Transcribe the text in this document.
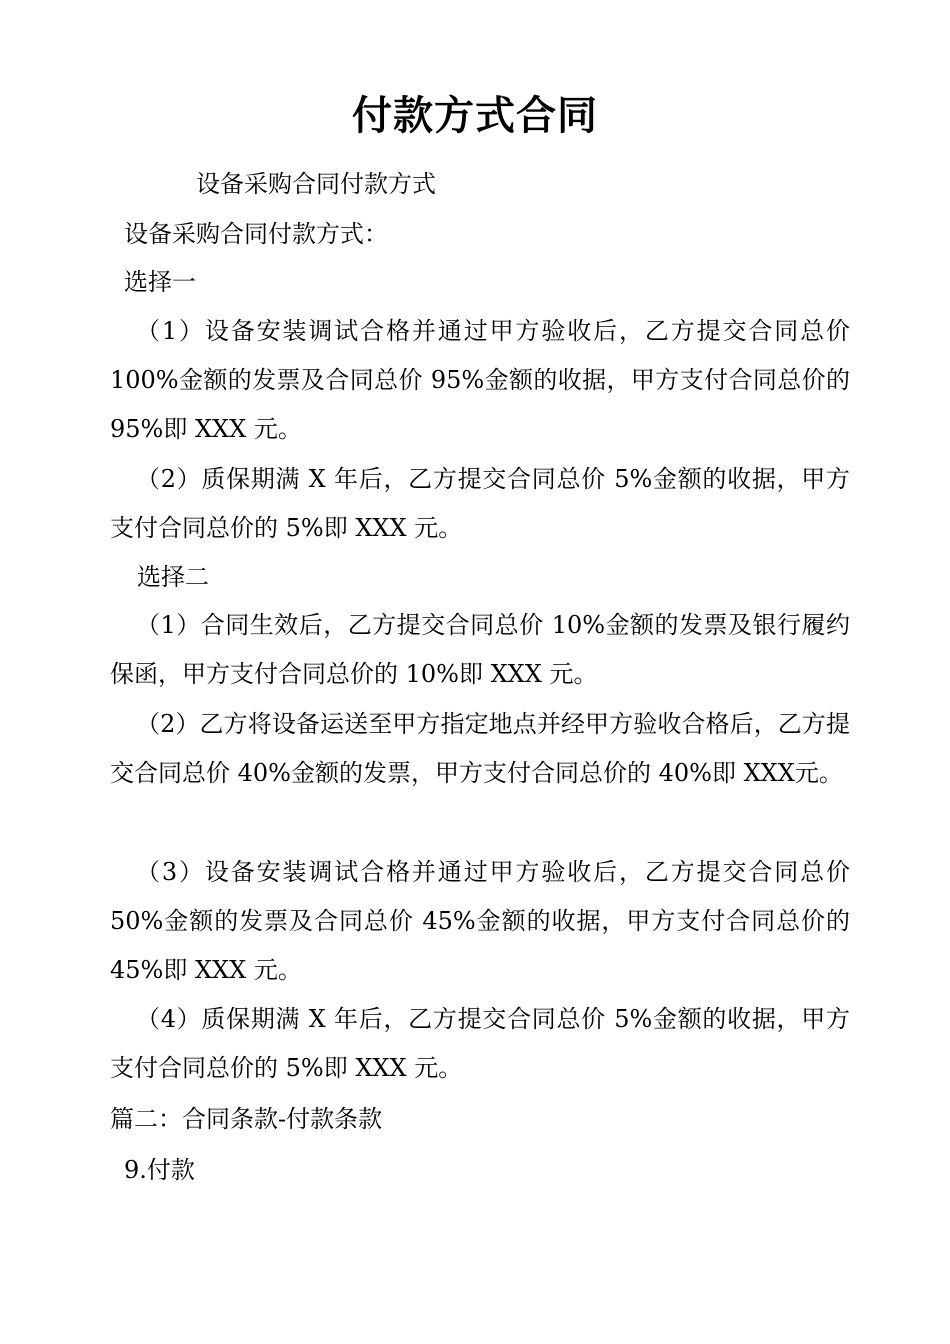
付款方式合同
设备采购合同付款方式
设备采购合同付款方式：
选择一
（1）设备安装调试合格并通过甲方验收后，乙方提交合同总价100%金额的发票及合同总价 95%金额的收据，甲方支付合同总价的95%即 XXX 元。
（2）质保期满 X 年后，乙方提交合同总价 5%金额的收据，甲方支付合同总价的 5%即 XXX 元。
选择二
（1）合同生效后，乙方提交合同总价 10%金额的发票及银行履约保函，甲方支付合同总价的 10%即 XXX 元。
（2）乙方将设备运送至甲方指定地点并经甲方验收合格后，乙方提交合同总价 40%金额的发票，甲方支付合同总价的 40%即 XXX元。
（3）设备安装调试合格并通过甲方验收后，乙方提交合同总价50%金额的发票及合同总价 45%金额的收据，甲方支付合同总价的45%即 XXX 元。
（4）质保期满 X 年后，乙方提交合同总价 5%金额的收据，甲方支付合同总价的 5%即 XXX 元。
篇二：合同条款-付款条款
9.付款
